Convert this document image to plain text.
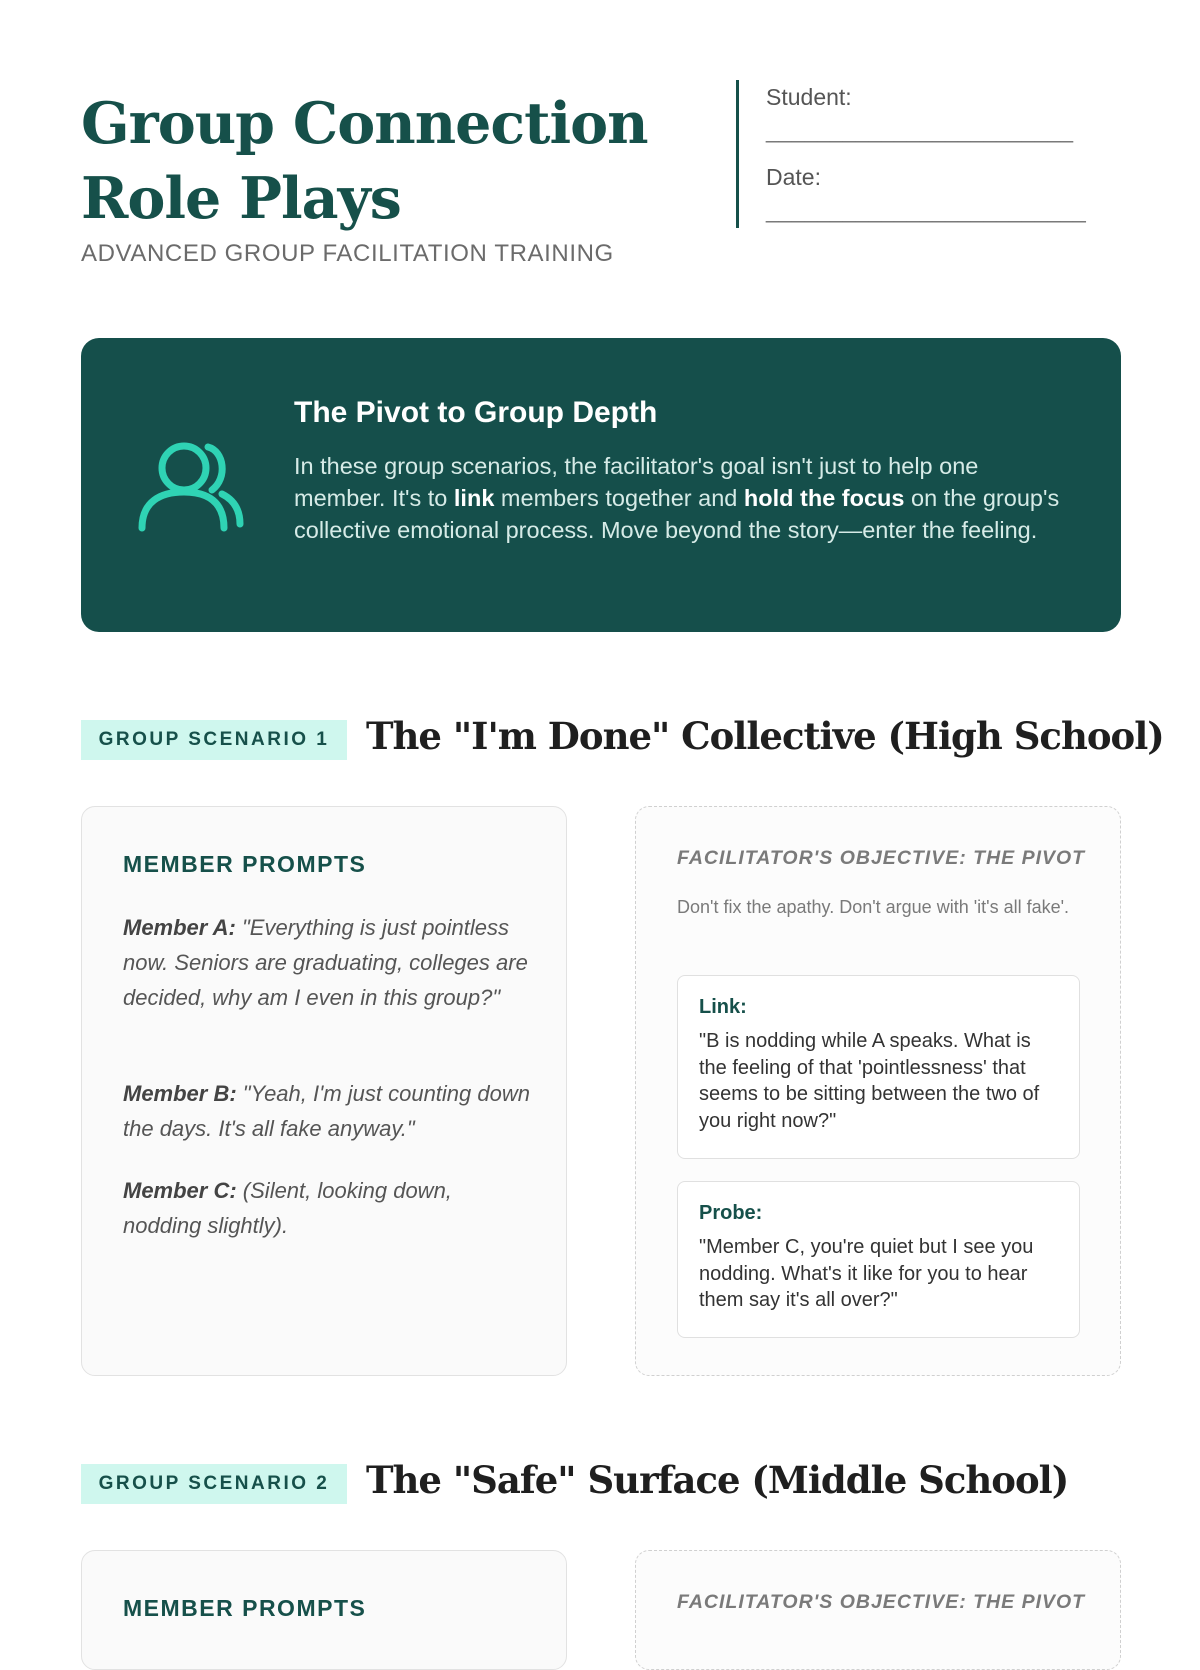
Group Connection Role Plays
ADVANCED GROUP FACILITATION TRAINING
Student:
________________________
Date:
_________________________
The Pivot to Group Depth

In these group scenarios, the facilitator's goal isn't just to help one member. It's to link members together and hold the focus on the group's collective emotional process. Move beyond the story—enter the feeling.

GROUP SCENARIO 1 The "I'm Done" Collective (High School)
MEMBER PROMPTS

Member A: "Everything is just pointless now. Seniors are graduating, colleges are decided, why am I even in this group?"

Member B: "Yeah, I'm just counting down the days. It's all fake anyway."

Member C: (Silent, looking down, nodding slightly).

FACILITATOR'S OBJECTIVE: THE PIVOT

Don't fix the apathy. Don't argue with 'it's all fake'.

Link:

"B is nodding while A speaks. What is the feeling of that 'pointlessness' that seems to be sitting between the two of you right now?"

Probe:

"Member C, you're quiet but I see you nodding. What's it like for you to hear them say it's all over?"

GROUP SCENARIO 2 The "Safe" Surface (Middle School)
MEMBER PROMPTS	FACILITATOR'S OBJECTIVE: THE PIVOT
